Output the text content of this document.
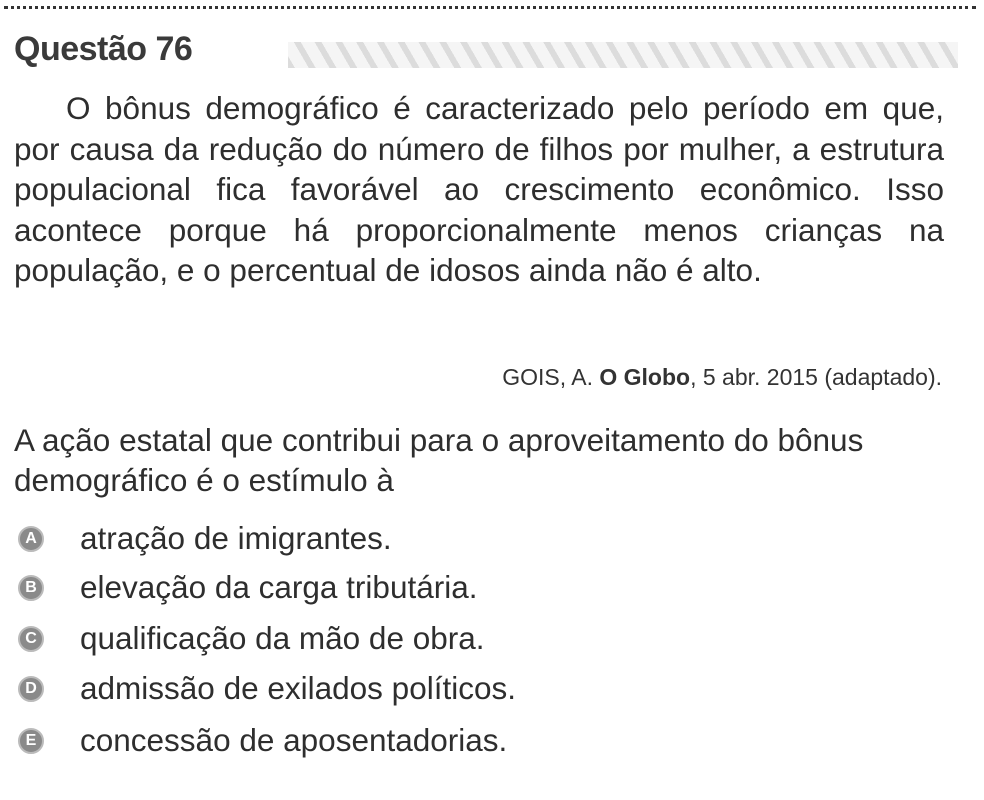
Questão 76
O bônus demográfico é caracterizado pelo período em que, por causa da redução do número de filhos por mulher, a estrutura populacional fica favorável ao crescimento econômico. Isso acontece porque há proporcionalmente menos crianças na população, e o percentual de idosos ainda não é alto.
GOIS, A. O Globo, 5 abr. 2015 (adaptado).
A ação estatal que contribui para o aproveitamento do bônus demográfico é o estímulo à
A atração de imigrantes.
B elevação da carga tributária.
C qualificação da mão de obra.
D admissão de exilados políticos.
E concessão de aposentadorias.
